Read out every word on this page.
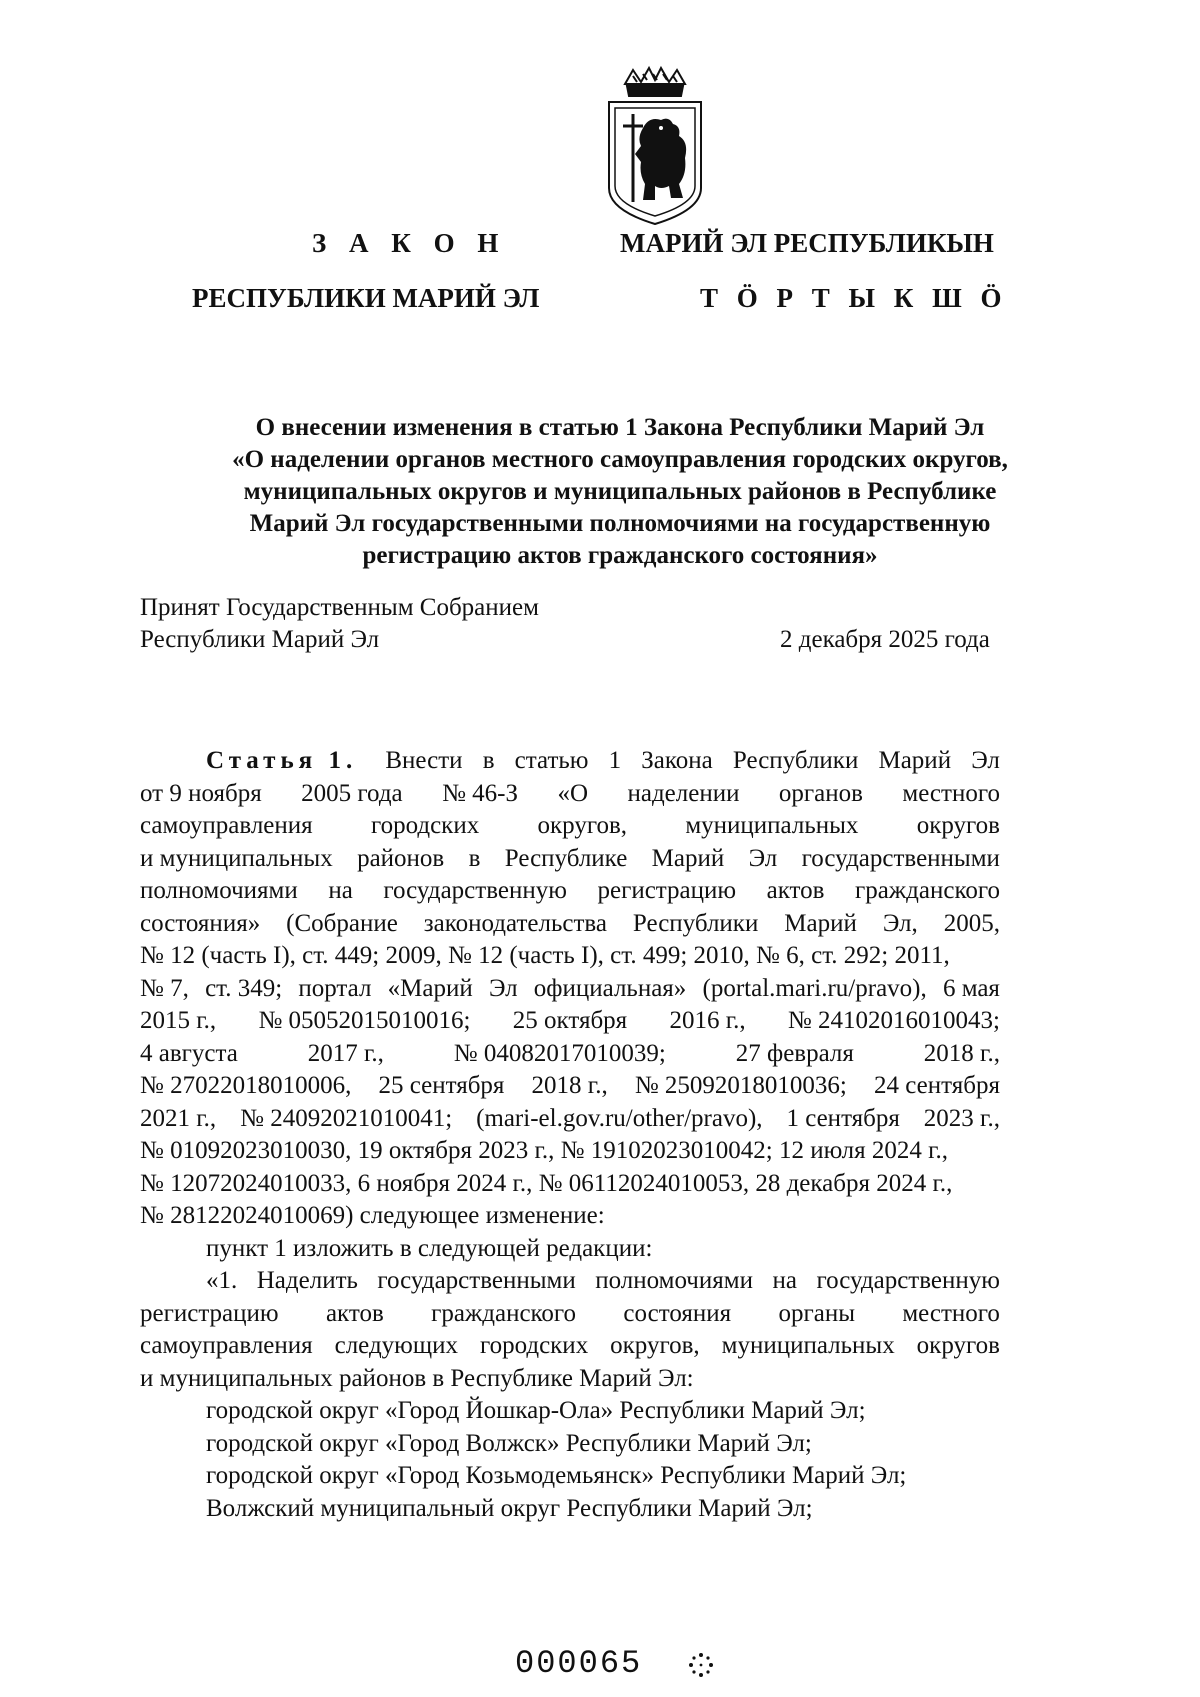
З А К О Н	МАРИЙ ЭЛ РЕСПУБЛИКЫН
РЕСПУБЛИКИ МАРИЙ ЭЛ	Т Ö Р Т Ы К Ш Ö
О внесении изменения в статью 1 Закона Республики Марий Эл
«О наделении органов местного самоуправления городских округов,
муниципальных округов и муниципальных районов в Республике
Марий Эл государственными полномочиями на государственную
регистрацию актов гражданского состояния»
Принят Государственным Собранием
Республики Марий Эл	2 декабря 2025 года
Статья 1. Внести в статью 1 Закона Республики Марий Эл
от 9 ноября 2005 года № 46-З «О наделении органов местного
самоуправления городских округов, муниципальных округов
и муниципальных районов в Республике Марий Эл государственными
полномочиями на государственную регистрацию актов гражданского
состояния» (Собрание законодательства Республики Марий Эл, 2005,
№ 12 (часть I), ст. 449; 2009, № 12 (часть I), ст. 499; 2010, № 6, ст. 292; 2011,
№ 7, ст. 349; портал «Марий Эл официальная» (portal.mari.ru/pravo), 6 мая
2015 г., № 05052015010016; 25 октября 2016 г., № 24102016010043;
4 августа	2017 г.,	№ 04082017010039;	27 февраля	2018 г.,
№ 27022018010006, 25 сентября 2018 г., № 25092018010036; 24 сентября
2021 г., № 24092021010041; (mari-el.gov.ru/other/pravo), 1 сентября 2023 г.,
№ 01092023010030, 19 октября 2023 г., № 19102023010042; 12 июля 2024 г.,
№ 12072024010033, 6 ноября 2024 г., № 06112024010053, 28 декабря 2024 г.,
№ 28122024010069) следующее изменение:
пункт 1 изложить в следующей редакции:
«1. Наделить государственными полномочиями на государственную
регистрацию актов гражданского состояния органы местного
самоуправления следующих городских округов, муниципальных округов
и муниципальных районов в Республике Марий Эл:
городской округ «Город Йошкар-Ола» Республики Марий Эл;
городской округ «Город Волжск» Республики Марий Эл;
городской округ «Город Козьмодемьянск» Республики Марий Эл;
Волжский муниципальный округ Республики Марий Эл;
000065
